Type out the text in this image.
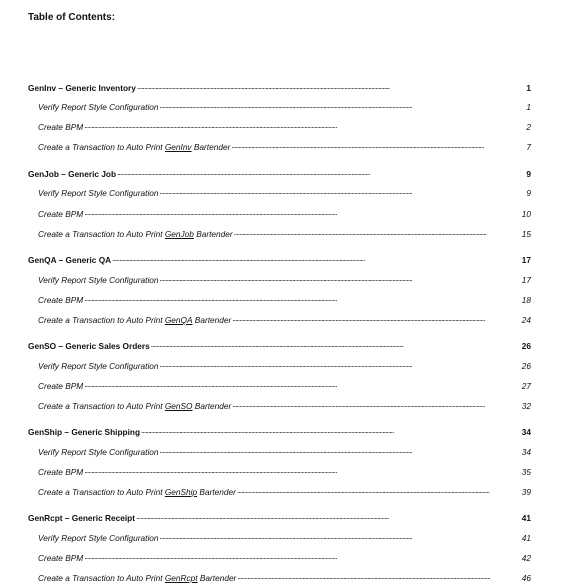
Table of Contents:
GenInv – Generic Inventory . . .	1
Verify Report Style Configuration . . .	1
Create BPM . . .	2
Create a Transaction to Auto Print GenInv Bartender . . .	7
GenJob – Generic Job . . .	9
Verify Report Style Configuration . . .	9
Create BPM . . .	10
Create a Transaction to Auto Print GenJob Bartender . . .	15
GenQA – Generic QA . . .	17
Verify Report Style Configuration . . .	17
Create BPM . . .	18
Create a Transaction to Auto Print GenQA Bartender . . .	24
GenSO – Generic Sales Orders . . .	26
Verify Report Style Configuration . . .	26
Create BPM . . .	27
Create a Transaction to Auto Print GenSO Bartender . . .	32
GenShip – Generic Shipping . . .	34
Verify Report Style Configuration . . .	34
Create BPM . . .	35
Create a Transaction to Auto Print GenShip Bartender . . .	39
GenRcpt – Generic Receipt . . .	41
Verify Report Style Configuration . . .	41
Create BPM . . .	42
Create a Transaction to Auto Print GenRcpt Bartender . . .	46
